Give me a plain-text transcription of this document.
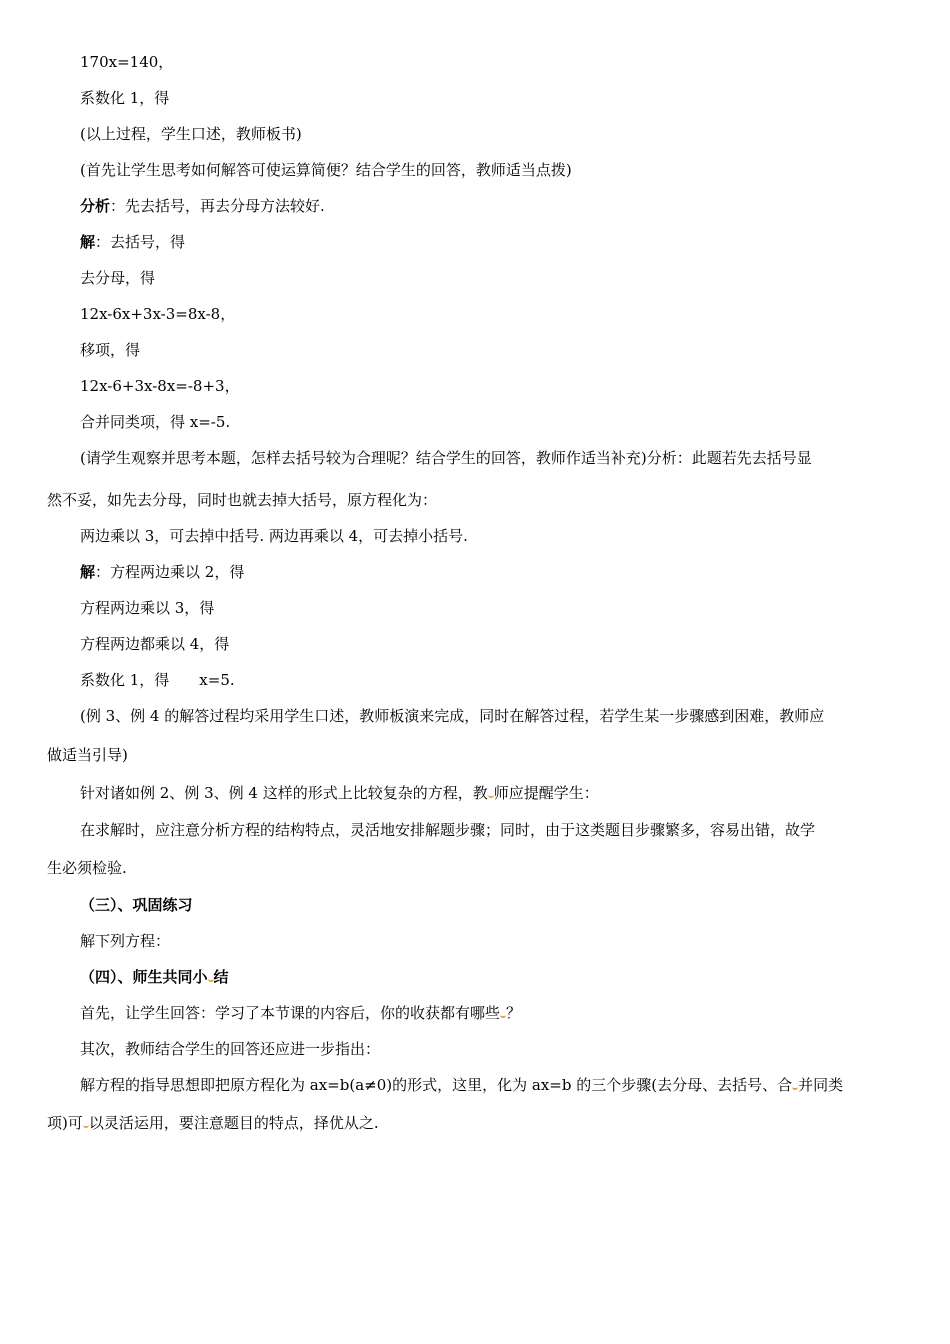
170x=140，
系数化 1，得
(以上过程，学生口述，教师板书)
(首先让学生思考如何解答可使运算简便？结合学生的回答，教师适当点拨)
分析：先去括号，再去分母方法较好.
解：去括号，得
去分母，得
12x-6x+3x-3=8x-8，
移项，得
12x-6+3x-8x=-8+3，
合并同类项，得 x=-5.
(请学生观察并思考本题，怎样去括号较为合理呢？结合学生的回答，教师作适当补充)分析：此题若先去括号显
然不妥，如先去分母，同时也就去掉大括号，原方程化为：
两边乘以 3，可去掉中括号. 两边再乘以 4，可去掉小括号.
解：方程两边乘以 2，得
方程两边乘以 3，得
方程两边都乘以 4，得
系数化 1，得　　x=5.
(例 3、例 4 的解答过程均采用学生口述，教师板演来完成，同时在解答过程，若学生某一步骤感到困难，教师应
做适当引导)
针对诸如例 2、例 3、例 4 这样的形式上比较复杂的方程，教 师应提醒学生：
在求解时，应注意分析方程的结构特点，灵活地安排解题步骤；同时，由于这类题目步骤繁多，容易出错，故学
生必须检验.
（三）、巩固练习
解下列方程：
（四）、师生共同小 结
首先，让学生回答：学习了本节课的内容后，你的收获都有哪些 ？
其次，教师结合学生的回答还应进一步指出：
解方程的指导思想即把原方程化为 ax=b(a≠0)的形式，这里，化为 ax=b 的三个步骤(去分母、去括号、合 并同类
项)可 以灵活运用，要注意题目的特点，择优从之.
